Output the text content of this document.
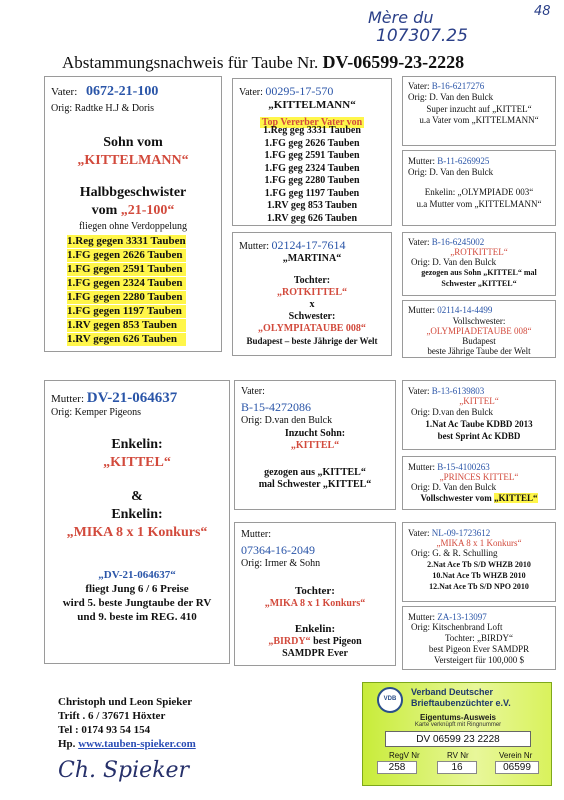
Mère du
107307.25
48
Abstammungsnachweis für Taube Nr. DV-06599-23-2228
Vater: 0672-21-100
Orig: Radtke H.J & Doris
Sohn vom
„KITTELMANN“
Halbbgeschwister
vom „21-100“
fliegen ohne Verdoppelung
1.Reg gegen 3331 Tauben
1.FG gegen 2626 Tauben
1.FG gegen 2591 Tauben
1.FG gegen 2324 Tauben
1.FG gegen 2280 Tauben
1.FG gegen 1197 Tauben
1.RV gegen 853 Tauben
1.RV gegen 626 Tauben
Vater: 00295-17-570
„KITTELMANN“
Top Vererber Vater von
1.Reg geg 3331 Tauben
1.FG geg 2626 Tauben
1.FG geg 2591 Tauben
1.FG geg 2324 Tauben
1.FG geg 2280 Tauben
1.FG geg 1197 Tauben
1.RV geg 853 Tauben
1.RV geg 626 Tauben
Mutter: 02124-17-7614
„MARTINA“
Tochter:
„ROTKITTEL“
x
Schwester:
„OLYMPIATAUBE 008“
Budapest – beste Jährige der Welt
Vater: B-16-6217276
Orig: D. Van den Bulck
Super inzucht auf „KITTEL“
u.a Vater vom „KITTELMANN“
Mutter: B-11-6269925
Orig: D. Van den Bulck
Enkelin: „OLYMPIADE 003“
u.a Mutter vom „KITTELMANN“
Vater: B-16-6245002
„ROTKITTEL“
Orig: D. Van den Bulck
gezogen aus Sohn „KITTEL“ mal
Schwester „KITTEL“
Mutter: 02114-14-4499
Vollschwester:
„OLYMPIADETAUBE 008“
Budapest
beste Jährige Taube der Welt
Mutter: DV-21-064637
Orig: Kemper Pigeons
Enkelin:
„KITTEL“
&
Enkelin:
„MIKA 8 x 1 Konkurs“
„DV-21-064637“
fliegt Jung 6 / 6 Preise
wird 5. beste Jungtaube der RV
und 9. beste im REG. 410
Vater:
B-15-4272086
Orig: D.van den Bulck
Inzucht Sohn:
„KITTEL“
gezogen aus „KITTEL“
mal Schwester „KITTEL“
Mutter:
07364-16-2049
Orig: Irmer & Sohn
Tochter:
„MIKA 8 x 1 Konkurs“
Enkelin:
„BIRDY“ best Pigeon
SAMDPR Ever
Vater: B-13-6139803
„KITTEL“
Orig: D.van den Bulck
1.Nat Ac Taube KDBD 2013
best Sprint Ac KDBD
Mutter: B-15-4100263
„PRINCES KITTEL“
Orig: D. Van den Bulck
Vollschwester vom „KITTEL“
Vater: NL-09-1723612
„MIKA 8 x 1 Konkurs“
Orig: G. & R. Schulling
2.Nat Ace Tb S/D WHZB 2010
10.Nat Ace Tb WHZB 2010
12.Nat Ace Tb S/D NPO 2010
Mutter: ZA-13-13097
Orig: Kitschenbrand Loft
Tochter: „BIRDY“
best Pigeon Ever SAMDPR
Versteigert für 100,000 $
Christoph und Leon Spieker
Trift . 6 / 37671 Höxter
Tel : 0174 93 54 154
Hp. www.tauben-spieker.com
Ch. Spieker
VDB
Verband Deutscher
Brieftaubenzüchter e.V.
Eigentums-Ausweis
Karte verknüpft mit Ringnummer
DV 06599 23 2228
RegV Nr	RV Nr	Verein Nr
258	16	06599
